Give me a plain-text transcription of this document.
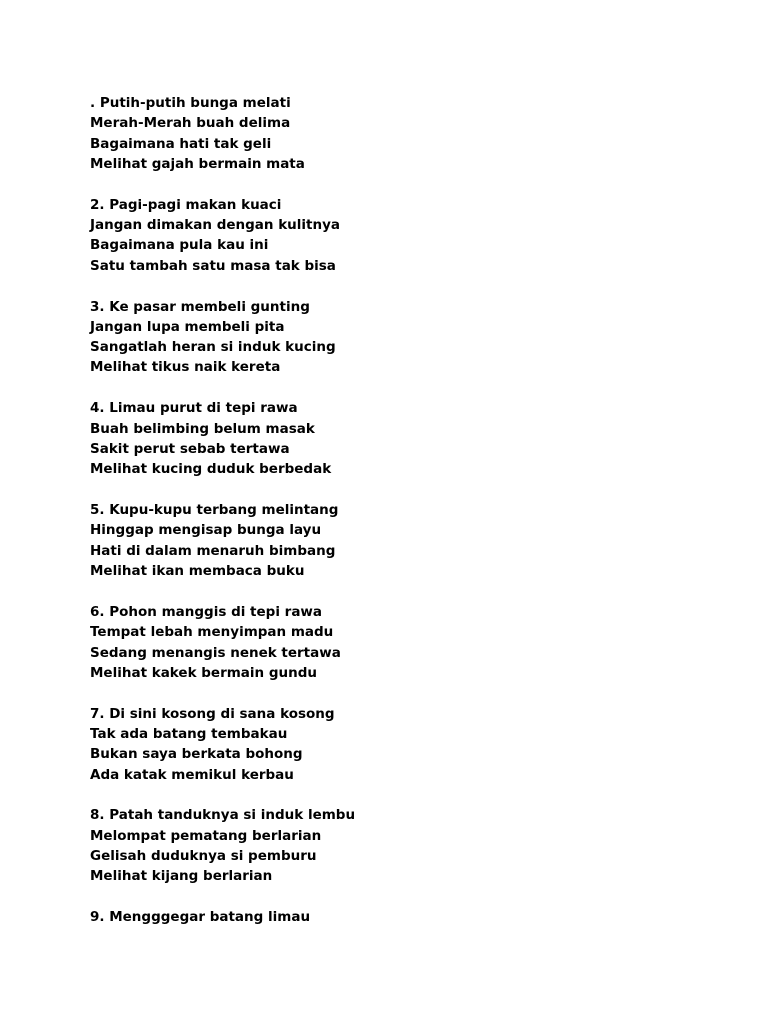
. Putih-putih bunga melati
Merah-Merah buah delima
Bagaimana hati tak geli
Melihat gajah bermain mata
2. Pagi-pagi makan kuaci
Jangan dimakan dengan kulitnya
Bagaimana pula kau ini
Satu tambah satu masa tak bisa
3. Ke pasar membeli gunting
Jangan lupa membeli pita
Sangatlah heran si induk kucing
Melihat tikus naik kereta
4. Limau purut di tepi rawa
Buah belimbing belum masak
Sakit perut sebab tertawa
Melihat kucing duduk berbedak
5. Kupu-kupu terbang melintang
Hinggap mengisap bunga layu
Hati di dalam menaruh bimbang
Melihat ikan membaca buku
6. Pohon manggis di tepi rawa
Tempat lebah menyimpan madu
Sedang menangis nenek tertawa
Melihat kakek bermain gundu
7. Di sini kosong di sana kosong
Tak ada batang tembakau
Bukan saya berkata bohong
Ada katak memikul kerbau
8. Patah tanduknya si induk lembu
Melompat pematang berlarian
Gelisah duduknya si pemburu
Melihat kijang berlarian
9. Mengggegar batang limau
